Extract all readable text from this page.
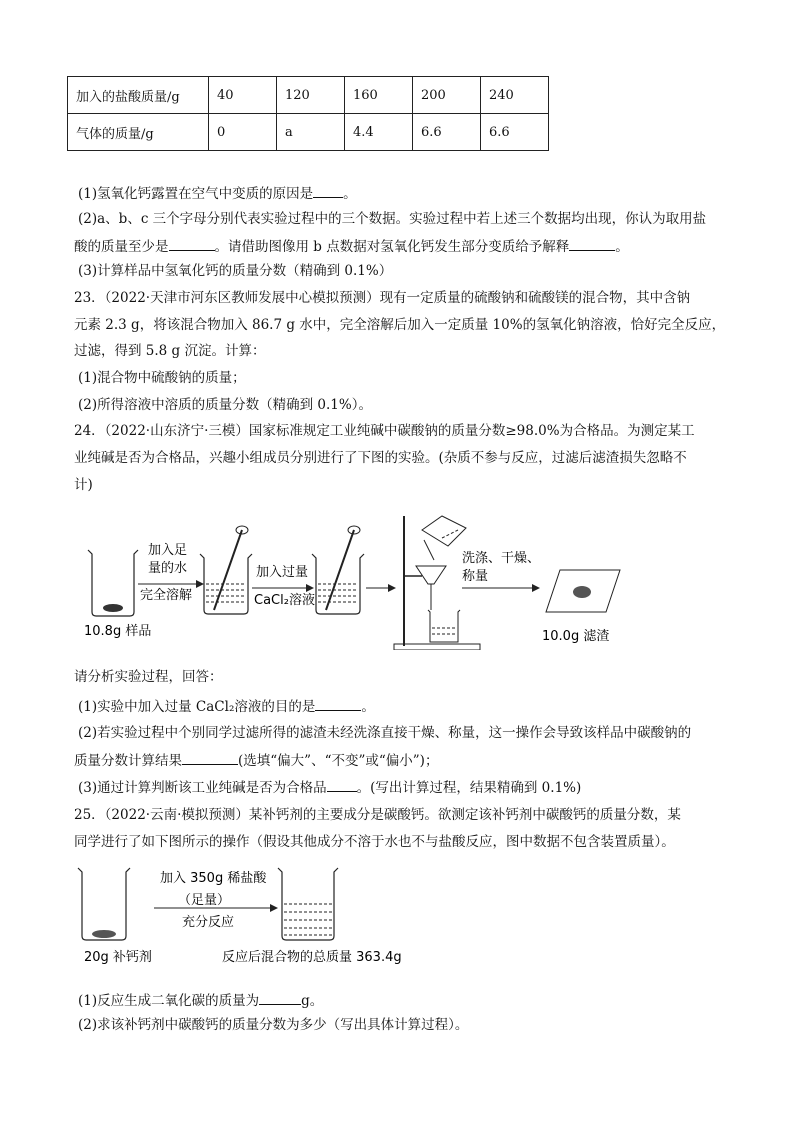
加入的盐酸质量/g	40	120	160	200	240
气体的质量/g	0	a	4.4	6.6	6.6
(1)氢氧化钙露置在空气中变质的原因是 。
(2)a、b、c 三个字母分别代表实验过程中的三个数据。实验过程中若上述三个数据均出现，你认为取用盐
酸的质量至少是	。请借助图像用 b 点数据对氢氧化钙发生部分变质给予解释	。
(3)计算样品中氢氧化钙的质量分数（精确到 0.1%）
23．（2022·天津市河东区教师发展中心模拟预测）现有一定质量的硫酸钠和硫酸镁的混合物，其中含钠
元素 2.3 g，将该混合物加入 86.7 g 水中，完全溶解后加入一定质量 10%的氢氧化钠溶液，恰好完全反应，
过滤，得到 5.8 g 沉淀。计算：
(1)混合物中硫酸钠的质量；
(2)所得溶液中溶质的质量分数（精确到 0.1%）。
24．（2022·山东济宁·三模）国家标准规定工业纯碱中碳酸钠的质量分数≥98.0%为合格品。为测定某工
业纯碱是否为合格品，兴趣小组成员分别进行了下图的实验。(杂质不参与反应，过滤后滤渣损失忽略不
计)
10.8g 样品
加入足
量的水
完全溶解
加入过量
CaCl₂溶液
洗涤、干燥、
称量
10.0g 滤渣
请分析实验过程，回答：
(1)实验中加入过量 CaCl₂溶液的目的是	。
(2)若实验过程中个别同学过滤所得的滤渣未经洗涤直接干燥、称量，这一操作会导致该样品中碳酸钠的
质量分数计算结果	(选填“偏大”、“不变”或“偏小”)；
(3)通过计算判断该工业纯碱是否为合格品 。(写出计算过程，结果精确到 0.1%)
25．（2022·云南·模拟预测）某补钙剂的主要成分是碳酸钙。欲测定该补钙剂中碳酸钙的质量分数，某
同学进行了如下图所示的操作（假设其他成分不溶于水也不与盐酸反应，图中数据不包含装置质量）。
20g 补钙剂
加入 350g 稀盐酸
（足量）
充分反应
反应后混合物的总质量 363.4g
(1)反应生成二氧化碳的质量为	g。
(2)求该补钙剂中碳酸钙的质量分数为多少（写出具体计算过程）。
